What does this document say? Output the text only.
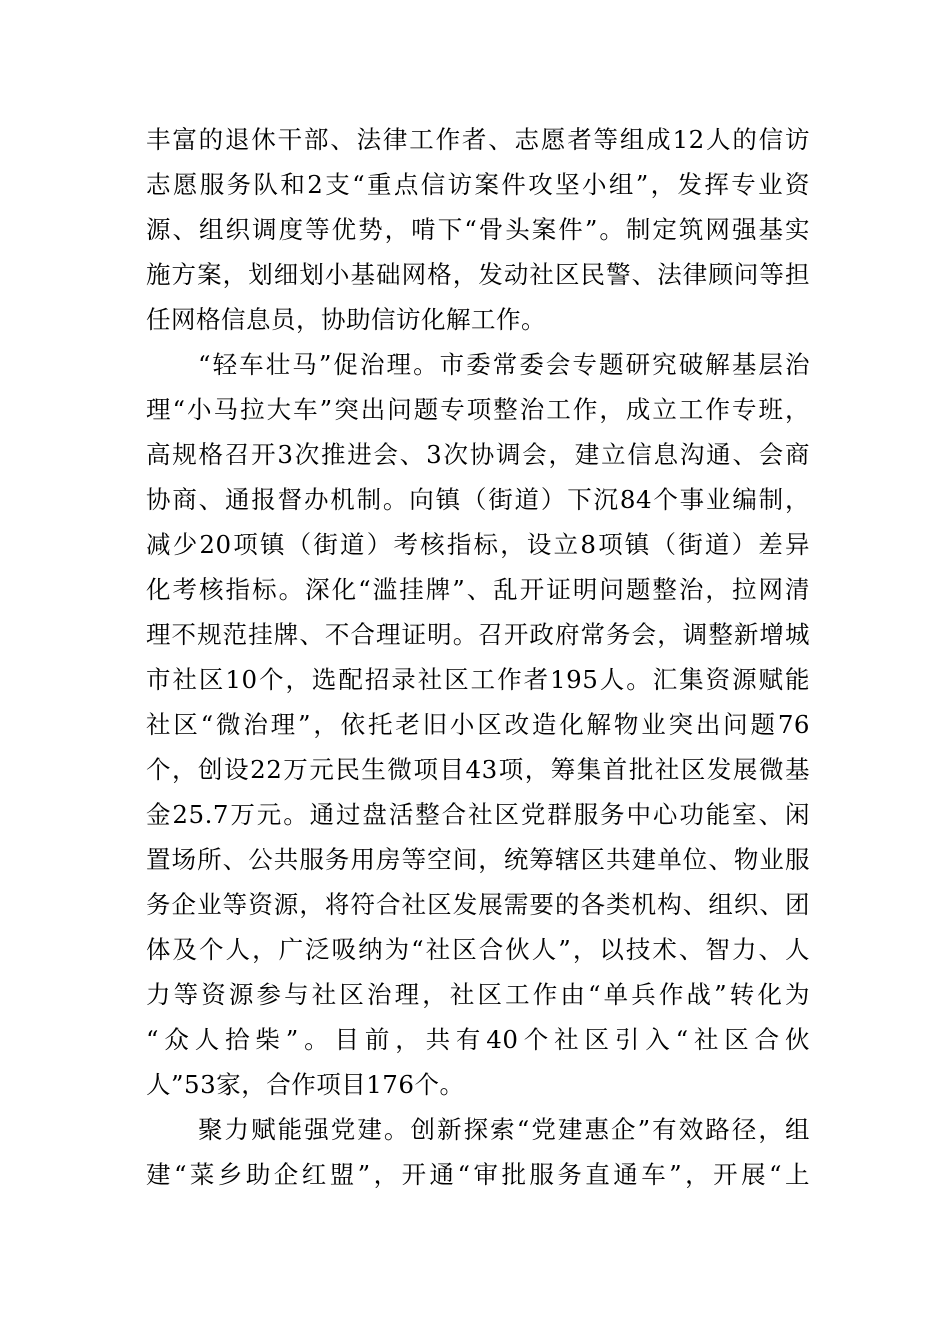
丰富的退休干部、法律工作者、志愿者等组成12人的信访
志愿服务队和2支“重点信访案件攻坚小组”，发挥专业资
源、组织调度等优势，啃下“骨头案件”。制定筑网强基实
施方案，划细划小基础网格，发动社区民警、法律顾问等担
任网格信息员，协助信访化解工作。
“轻车壮马”促治理。市委常委会专题研究破解基层治
理“小马拉大车”突出问题专项整治工作，成立工作专班，
高规格召开3次推进会、3次协调会，建立信息沟通、会商
协商、通报督办机制。向镇（街道）下沉84个事业编制，
减少20项镇（街道）考核指标，设立8项镇（街道）差异
化考核指标。深化“滥挂牌”、乱开证明问题整治，拉网清
理不规范挂牌、不合理证明。召开政府常务会，调整新增城
市社区10个，选配招录社区工作者195人。汇集资源赋能
社区“微治理”，依托老旧小区改造化解物业突出问题76
个，创设22万元民生微项目43项，筹集首批社区发展微基
金25.7万元。通过盘活整合社区党群服务中心功能室、闲
置场所、公共服务用房等空间，统筹辖区共建单位、物业服
务企业等资源，将符合社区发展需要的各类机构、组织、团
体及个人，广泛吸纳为“社区合伙人”，以技术、智力、人
力等资源参与社区治理，社区工作由“单兵作战”转化为
“众人拾柴”。目前，共有40个社区引入“社区合伙
人”53家，合作项目176个。
聚力赋能强党建。创新探索“党建惠企”有效路径，组
建“菜乡助企红盟”，开通“审批服务直通车”，开展“上
